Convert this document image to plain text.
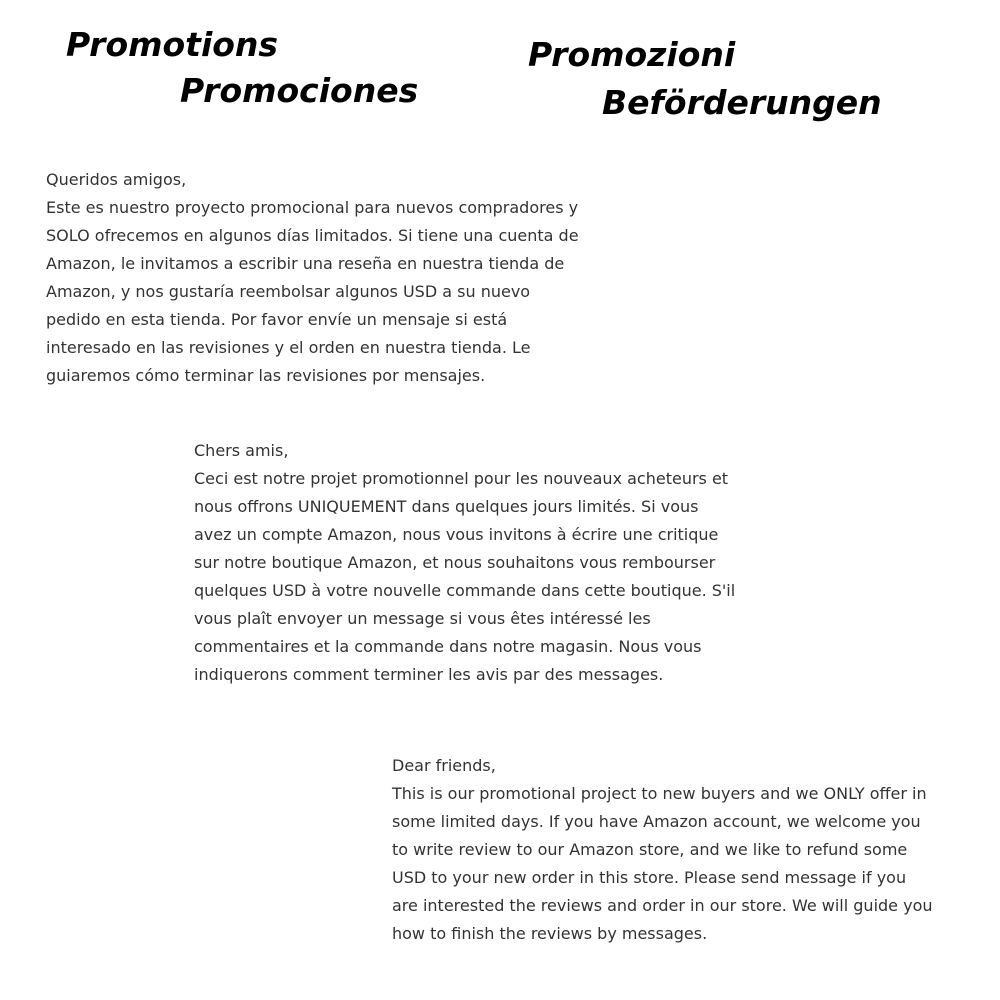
Promotions
Promociones
Promozioni
Beförderungen
Queridos amigos,
Este es nuestro proyecto promocional para nuevos compradores y
SOLO ofrecemos en algunos días limitados. Si tiene una cuenta de
Amazon, le invitamos a escribir una reseña en nuestra tienda de
Amazon, y nos gustaría reembolsar algunos USD a su nuevo
pedido en esta tienda. Por favor envíe un mensaje si está
interesado en las revisiones y el orden en nuestra tienda. Le
guiaremos cómo terminar las revisiones por mensajes.
Chers amis,
Ceci est notre projet promotionnel pour les nouveaux acheteurs et
nous offrons UNIQUEMENT dans quelques jours limités. Si vous
avez un compte Amazon, nous vous invitons à écrire une critique
sur notre boutique Amazon, et nous souhaitons vous rembourser
quelques USD à votre nouvelle commande dans cette boutique. S'il
vous plaît envoyer un message si vous êtes intéressé les
commentaires et la commande dans notre magasin. Nous vous
indiquerons comment terminer les avis par des messages.
Dear friends,
This is our promotional project to new buyers and we ONLY offer in
some limited days. If you have Amazon account, we welcome you
to write review to our Amazon store, and we like to refund some
USD to your new order in this store. Please send message if you
are interested the reviews and order in our store. We will guide you
how to finish the reviews by messages.
